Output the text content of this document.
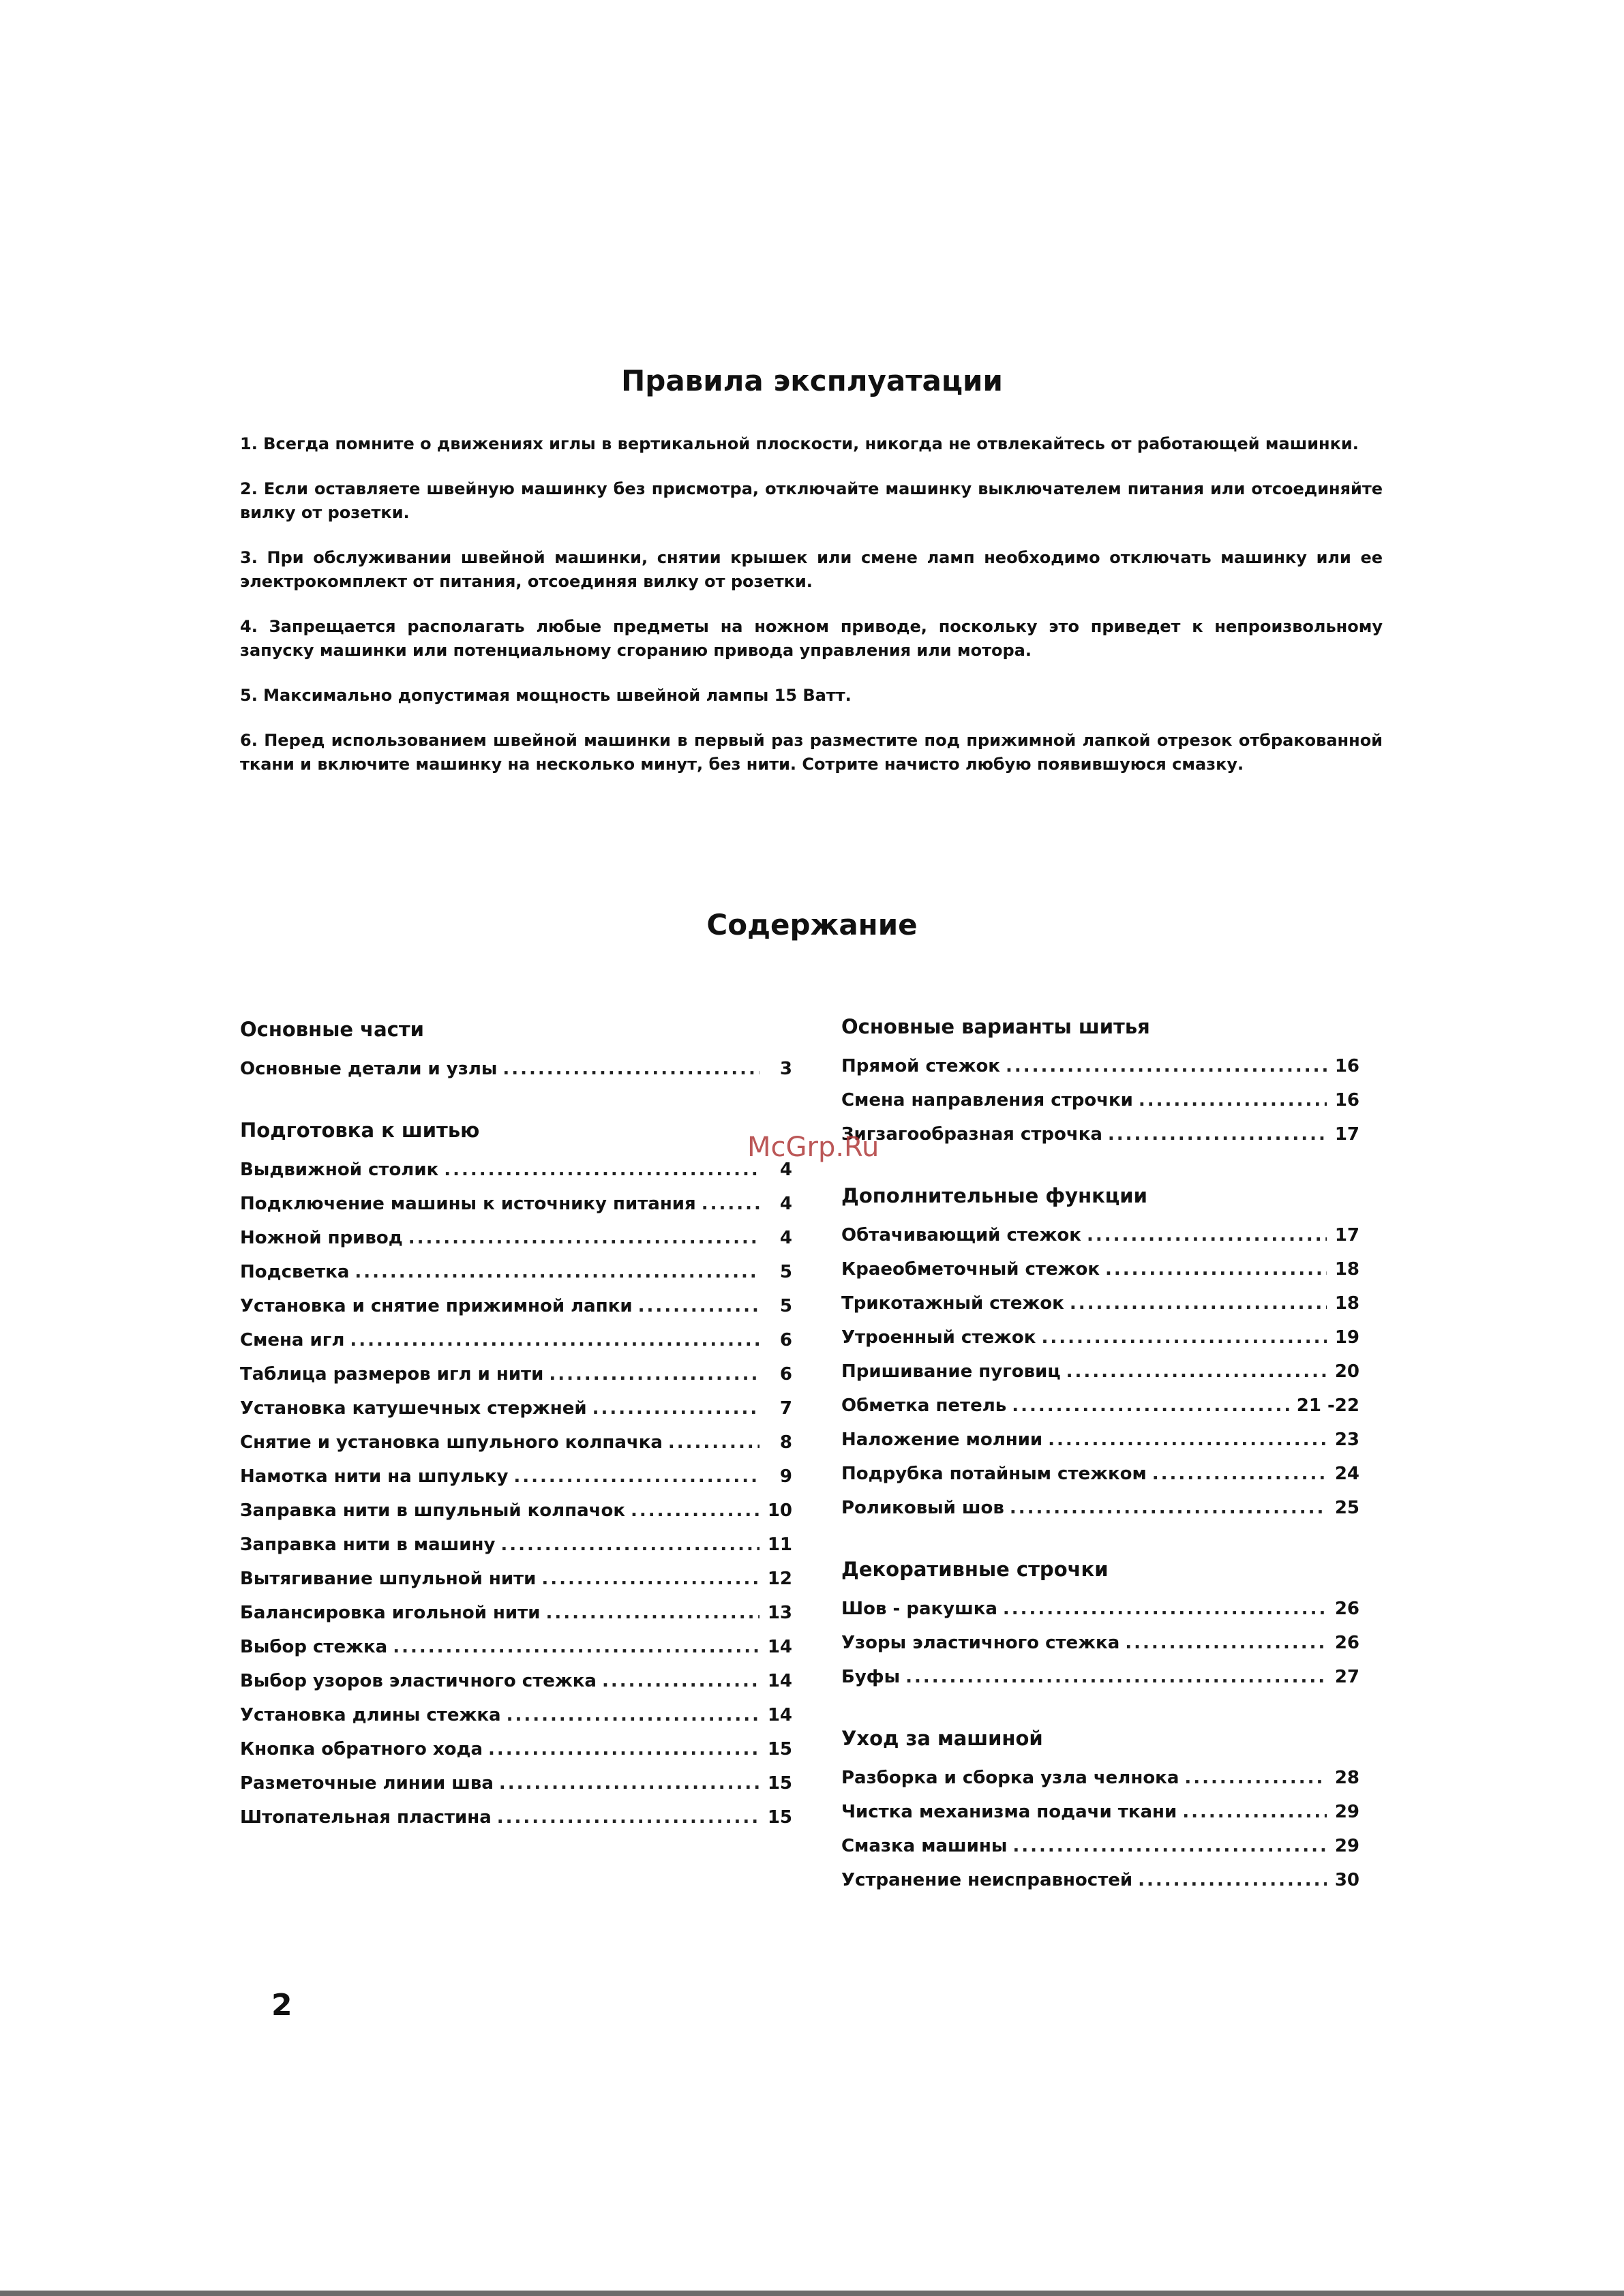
Правила эксплуатации
1. Всегда помните о движениях иглы в вертикальной плоскости, никогда не отвлекайтесь от работающей машинки.
2. Если оставляете швейную машинку без присмотра, отключайте машинку выключателем питания или отсоединяйте вилку от розетки.
3. При обслуживании швейной машинки, снятии крышек или смене ламп необходимо отключать машинку или ее электрокомплект от питания, отсоединяя вилку от розетки.
4. Запрещается располагать любые предметы на ножном приводе, поскольку это приведет к непроизвольному запуску машинки или потенциальному сгоранию привода управления или мотора.
5. Максимально допустимая мощность швейной лампы 15 Ватт.
6. Перед использованием швейной машинки в первый раз разместите под прижимной лапкой отрезок отбракованной ткани и включите машинку на несколько минут, без нити. Сотрите начисто любую появившуюся смазку.
Содержание
Основные части
Основные детали и узлы .....	3
Подготовка к шитью
Выдвижной столик .....	4
Подключение машины к источнику питания .....	4
Ножной привод .....	4
Подсветка .....	5
Установка и снятие прижимной лапки .....	5
Смена игл .....	6
Таблица размеров игл и нити .....	6
Установка катушечных стержней .....	7
Снятие и установка шпульного колпачка .....	8
Намотка нити на шпульку .....	9
Заправка нити в шпульный колпачок .....	10
Заправка нити в машину .....	11
Вытягивание шпульной нити .....	12
Балансировка игольной нити .....	13
Выбор стежка .....	14
Выбор узоров эластичного стежка .....	14
Установка длины стежка .....	14
Кнопка обратного хода .....	15
Разметочные линии шва .....	15
Штопательная пластина .....	15
Основные варианты шитья
Прямой стежок .....	16
Смена направления строчки .....	16
Зигзагообразная строчка .....	17
Дополнительные функции
Обтачивающий стежок .....	17
Краеобметочный стежок .....	18
Трикотажный стежок .....	18
Утроенный стежок .....	19
Пришивание пуговиц .....	20
Обметка петель .....	21 -22
Наложение молнии .....	23
Подрубка потайным стежком .....	24
Роликовый шов .....	25
Декоративные строчки
Шов - ракушка .....	26
Узоры эластичного стежка .....	26
Буфы .....	27
Уход за машиной
Разборка и сборка узла челнока .....	28
Чистка механизма подачи ткани .....	29
Смазка машины .....	29
Устранение неисправностей .....	30
McGrp.Ru
2
